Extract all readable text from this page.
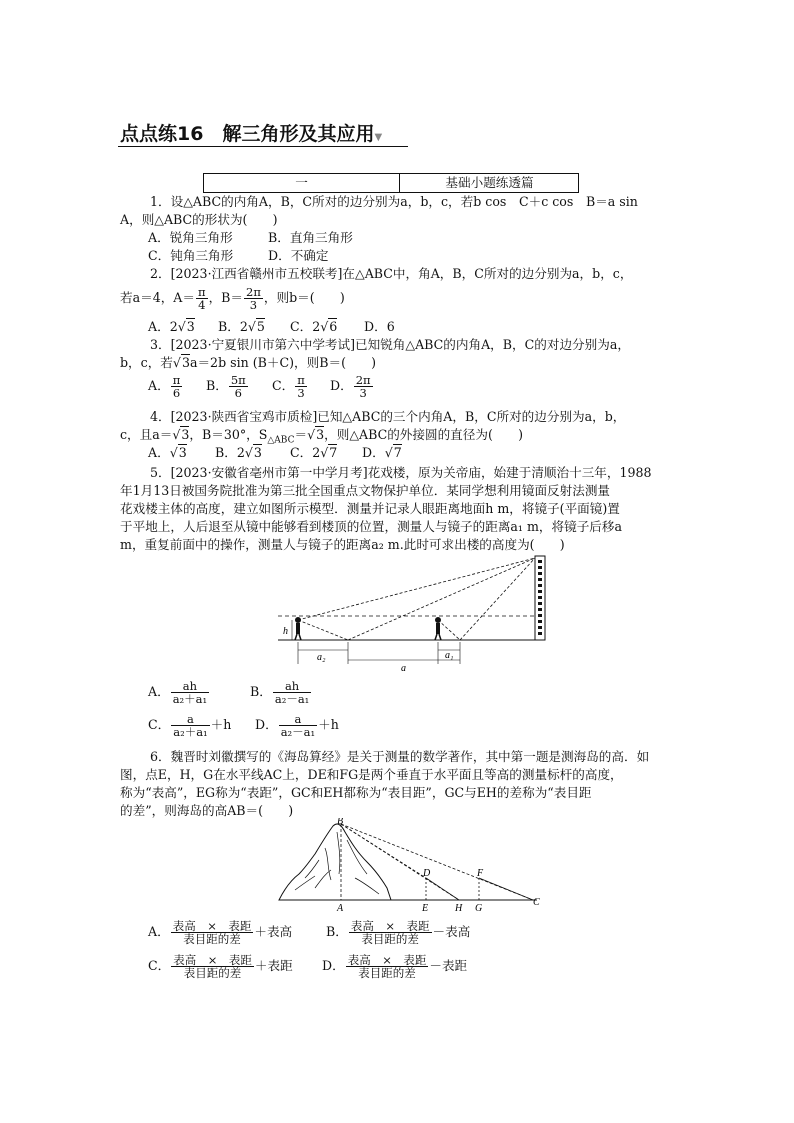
点点练16　解三角形及其应用▼
一	基础小题练透篇
1．设△ABC的内角A，B，C所对的边分别为a，b，c，若b cos　C＋c cos　B＝a sin
A，则△ABC的形状为(　　)
A．锐角三角形	B．直角三角形
C．钝角三角形	D．不确定
2．[2023·江西省赣州市五校联考]在△ABC中，角A，B，C所对的边分别为a，b，c，
若a＝4，$A= \frac{\pi}{4}$ ，$B= \frac{2\pi}{3}$ ，则b＝(　　)
A．2√3 B．2√5 C．2√6 D．6
3．[2023·宁夏银川市第六中学考试]已知锐角△ABC的内角A，B，C的对边分别为a，
b，c，若√3a＝2b sin (B＋C)，则B＝(　　)
A． $\frac{\pi}{6}$ B． $\frac{5\pi}{6}$ C． $\frac{\pi}{3}$ D． $\frac{2\pi}{3}$
4．[2023·陕西省宝鸡市质检]已知△ABC的三个内角A，B，C所对的边分别为a，b，
c，且a＝√3，B＝30°，$S_{\triangle ABC}=√3$，则△ABC的外接圆的直径为(　　)
A．√3 B．2√3 C．2√7 D．√7
5．[2023·安徽省亳州市第一中学月考]花戏楼，原为关帝庙，始建于清顺治十三年，1988
年1月13日被国务院批准为第三批全国重点文物保护单位．某同学想利用镜面反射法测量
花戏楼主体的高度，建立如图所示模型．测量并记录人眼距离地面h m，将镜子(平面镜)置
于平地上，人后退至从镜中能够看到楼顶的位置，测量人与镜子的距离a₁ m，将镜子后移a
m，重复前面中的操作，测量人与镜子的距离a₂ m.此时可求出楼的高度为(　　)
h
a₂
a
a₁
A． $\frac{ah}{\text{a₂＋a₁}}$	B． $\frac{ah}{\text{a₂－a₁}}$
C． $\frac{a}{\text{a₂＋a₁}} +h$ D． $\frac{a}{\text{a₂－a₁}} +h$
6．魏晋时刘徽撰写的《海岛算经》是关于测量的数学著作，其中第一题是测海岛的高．如
图，点E，H，G在水平线AC上，DE和FG是两个垂直于水平面且等高的测量标杆的高度，
称为“表高”，EG称为“表距”，GC和EH都称为“表目距”，GC与EH的差称为“表目距
的差”，则海岛的高AB＝(　　)
B
A
D
E
F
H G
C
A． $\frac{\text{表高　×　表距}}{\text{表目距的差}}$ ＋表高	B． $\frac{\text{表高　×　表距}}{\text{表目距的差}}$ －表高
C． $\frac{\text{表高　×　表距}}{\text{表目距的差}}$ ＋表距 D． $\frac{\text{表高　×　表距}}{\text{表目距的差}}$ －表距
